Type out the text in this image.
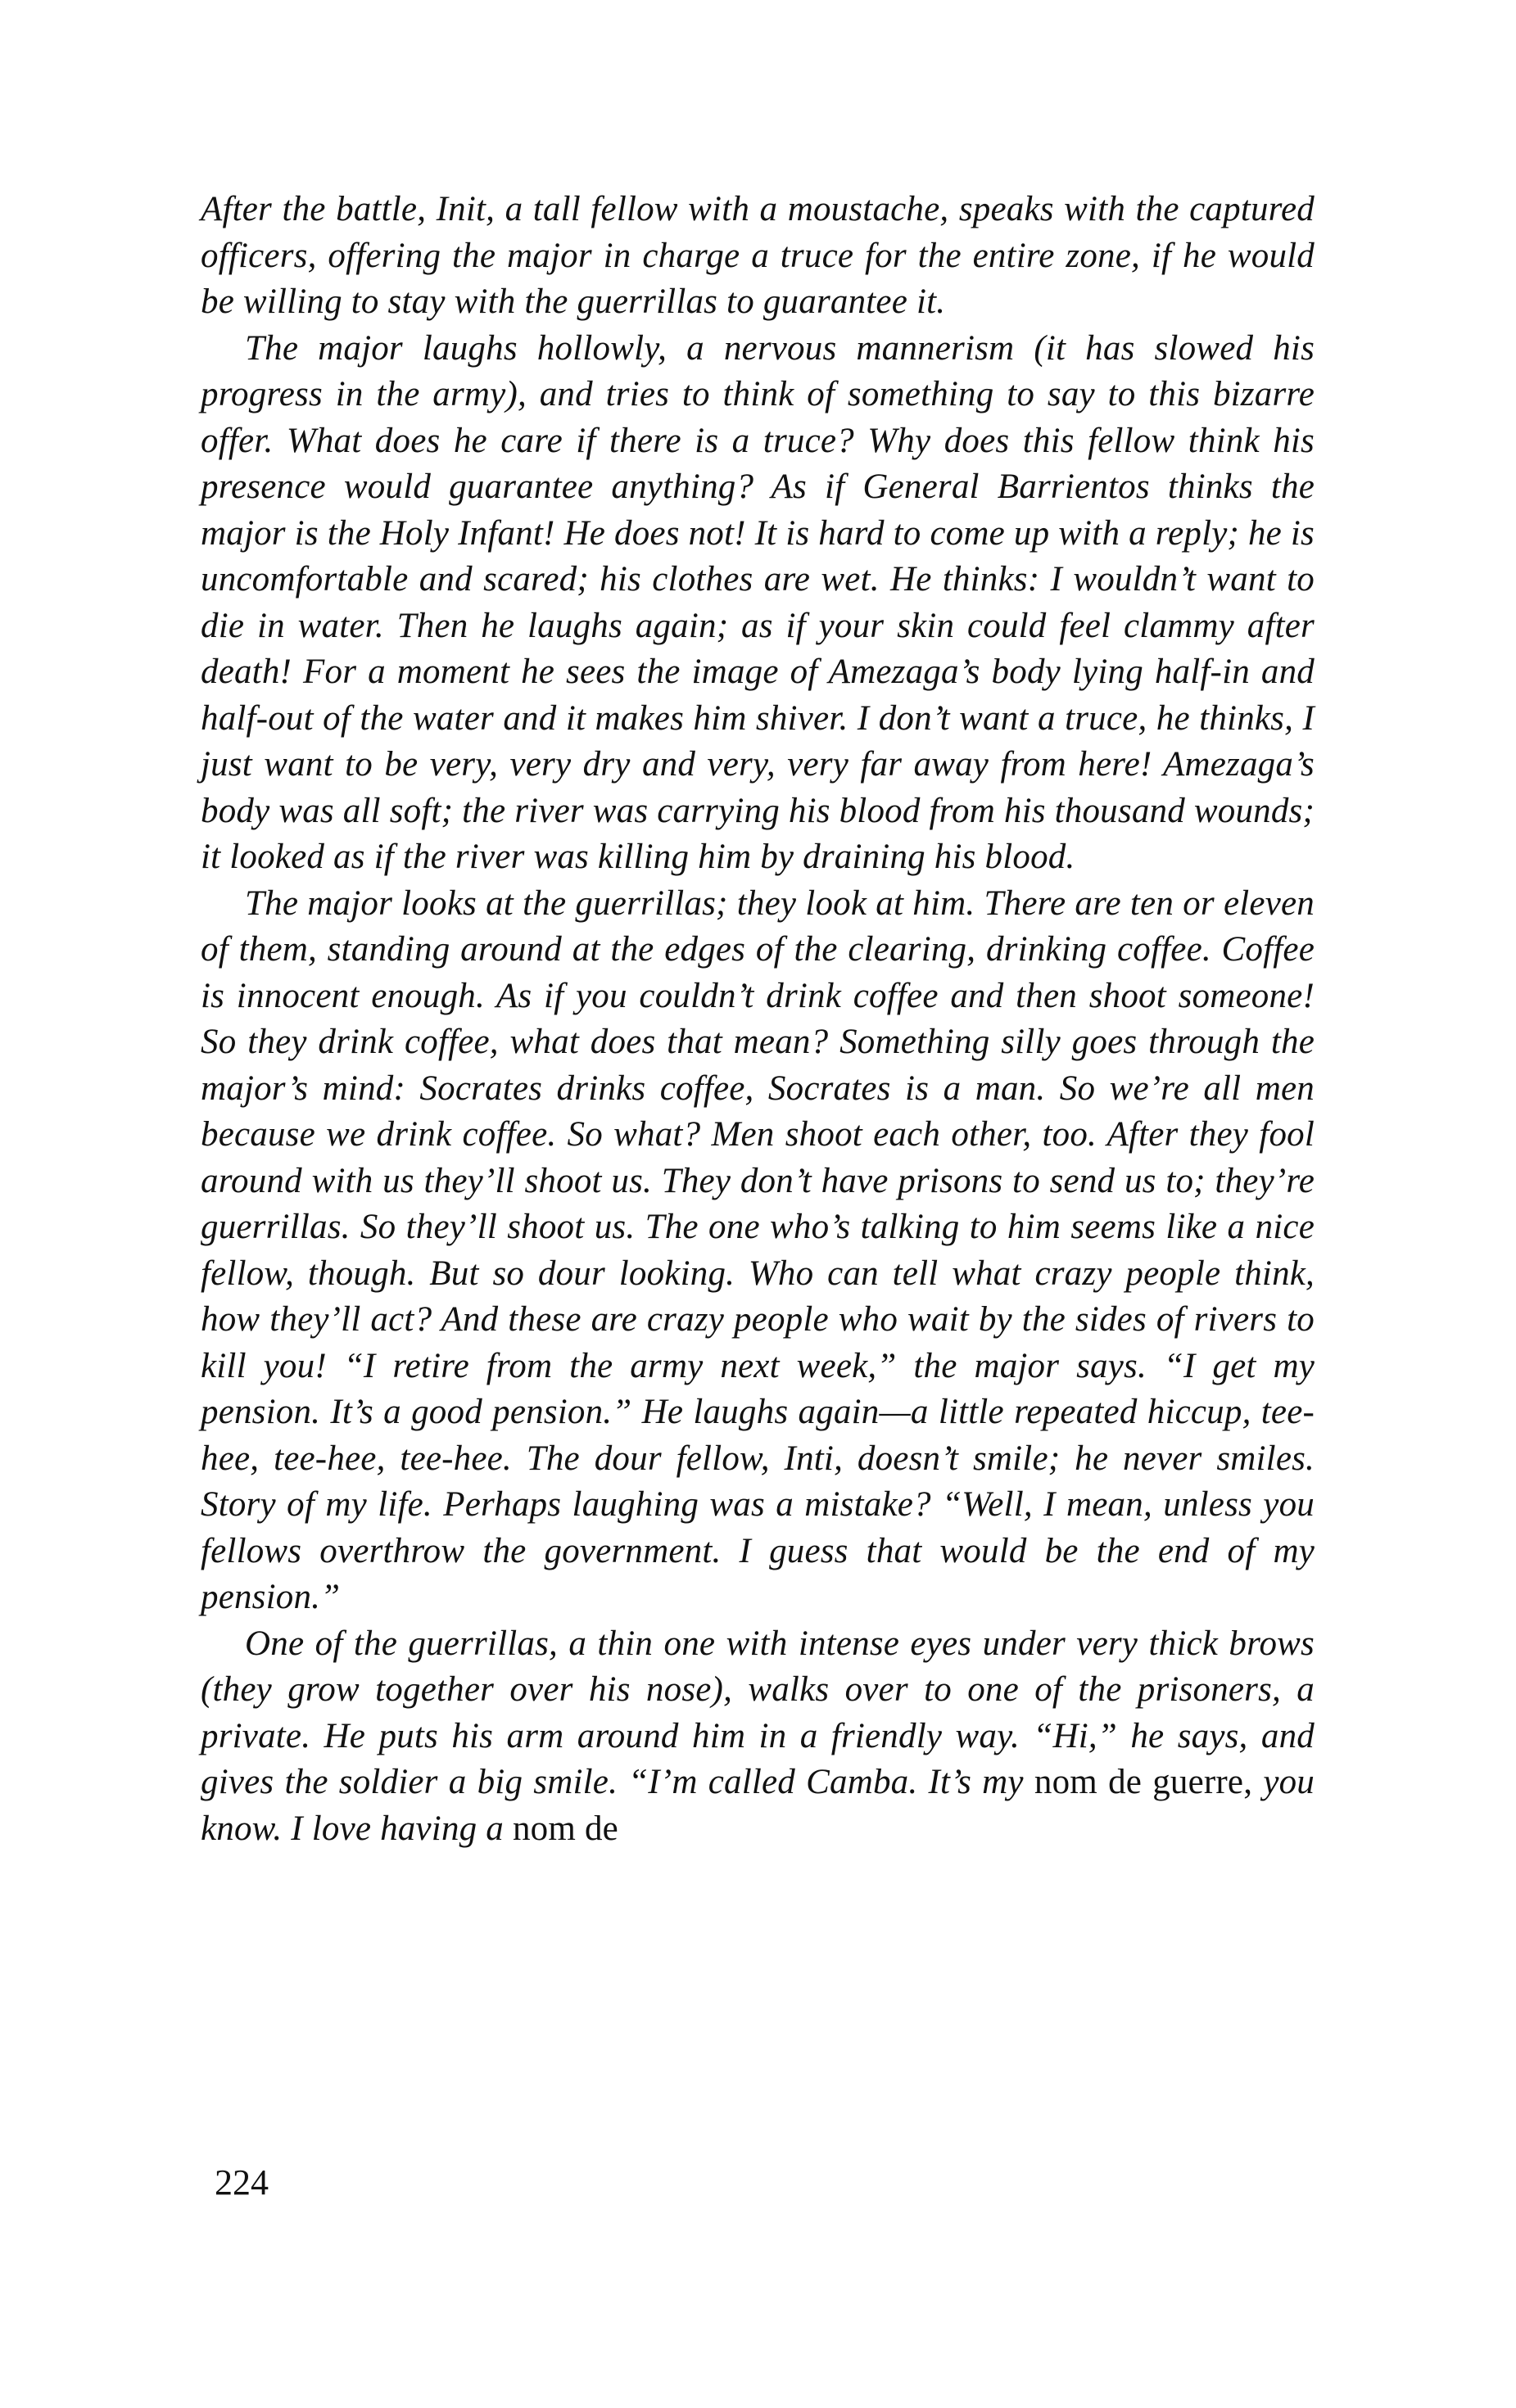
After the battle, Init, a tall fellow with a moustache, speaks with the captured officers, offering the major in charge a truce for the entire zone, if he would be willing to stay with the guerrillas to guarantee it.

The major laughs hollowly, a nervous mannerism (it has slowed his progress in the army), and tries to think of something to say to this bizarre offer. What does he care if there is a truce? Why does this fellow think his presence would guarantee anything? As if General Barrientos thinks the major is the Holy Infant! He does not! It is hard to come up with a reply; he is uncomfortable and scared; his clothes are wet. He thinks: I wouldn’t want to die in water. Then he laughs again; as if your skin could feel clammy after death! For a moment he sees the image of Amezaga’s body lying half-in and half-out of the water and it makes him shiver. I don’t want a truce, he thinks, I just want to be very, very dry and very, very far away from here! Amezaga’s body was all soft; the river was carrying his blood from his thousand wounds; it looked as if the river was killing him by draining his blood.

The major looks at the guerrillas; they look at him. There are ten or eleven of them, standing around at the edges of the clearing, drinking coffee. Coffee is innocent enough. As if you couldn’t drink coffee and then shoot someone! So they drink coffee, what does that mean? Something silly goes through the major’s mind: Socrates drinks coffee, Socrates is a man. So we’re all men because we drink coffee. So what? Men shoot each other, too. After they fool around with us they’ll shoot us. They don’t have prisons to send us to; they’re guerrillas. So they’ll shoot us. The one who’s talking to him seems like a nice fellow, though. But so dour looking. Who can tell what crazy people think, how they’ll act? And these are crazy people who wait by the sides of rivers to kill you! “I retire from the army next week,” the major says. “I get my pension. It’s a good pension.” He laughs again—a little repeated hiccup, tee-hee, tee-hee, tee-hee. The dour fellow, Inti, doesn’t smile; he never smiles. Story of my life. Perhaps laughing was a mistake? “Well, I mean, unless you fellows overthrow the government. I guess that would be the end of my pension.”

One of the guerrillas, a thin one with intense eyes under very thick brows (they grow together over his nose), walks over to one of the prisoners, a private. He puts his arm around him in a friendly way. “Hi,” he says, and gives the soldier a big smile. “I’m called Camba. It’s my nom de guerre, you know. I love having a nom de

224
